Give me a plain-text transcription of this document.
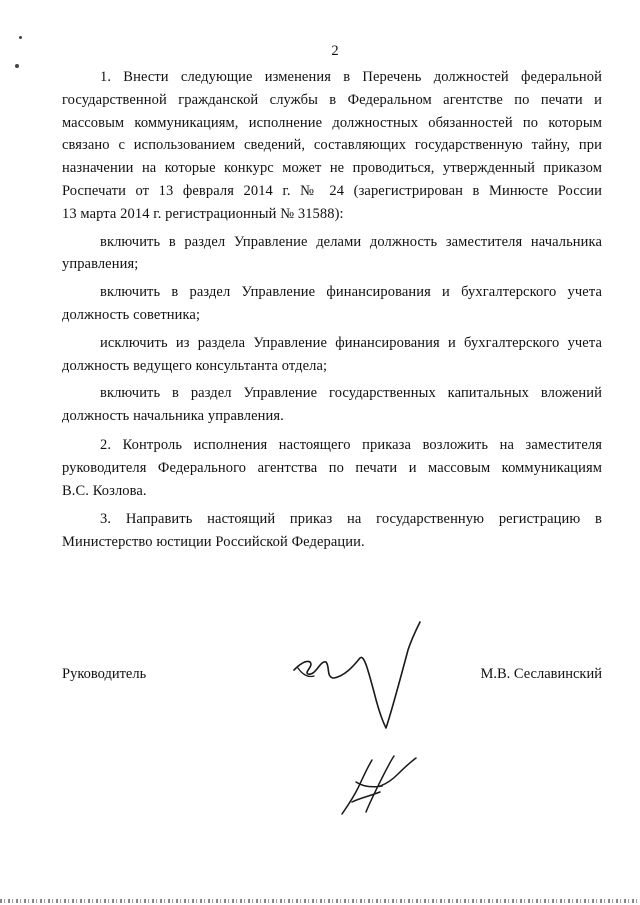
2

1. Внести следующие изменения в Перечень должностей федеральной
государственной гражданской службы в Федеральном агентстве по печати и
массовым коммуникациям, исполнение должностных обязанностей по которым
связано с использованием сведений, составляющих государственную тайну, при
назначении на которые конкурс может не проводиться, утвержденный приказом
Роспечати от 13 февраля 2014 г. № 24 (зарегистрирован в Минюсте России
13 марта 2014 г. регистрационный № 31588):

включить в раздел Управление делами должность заместителя начальника
управления;

включить в раздел Управление финансирования и бухгалтерского учета
должность советника;

исключить из раздела Управление финансирования и бухгалтерского учета
должность ведущего консультанта отдела;

включить в раздел Управление государственных капитальных вложений
должность начальника управления.

2. Контроль исполнения настоящего приказа возложить на заместителя
руководителя Федерального агентства по печати и массовым коммуникациям
В.С. Козлова.

3. Направить настоящий приказ на государственную регистрацию в
Министерство юстиции Российской Федерации.

Руководитель	М.В. Сеславинский
